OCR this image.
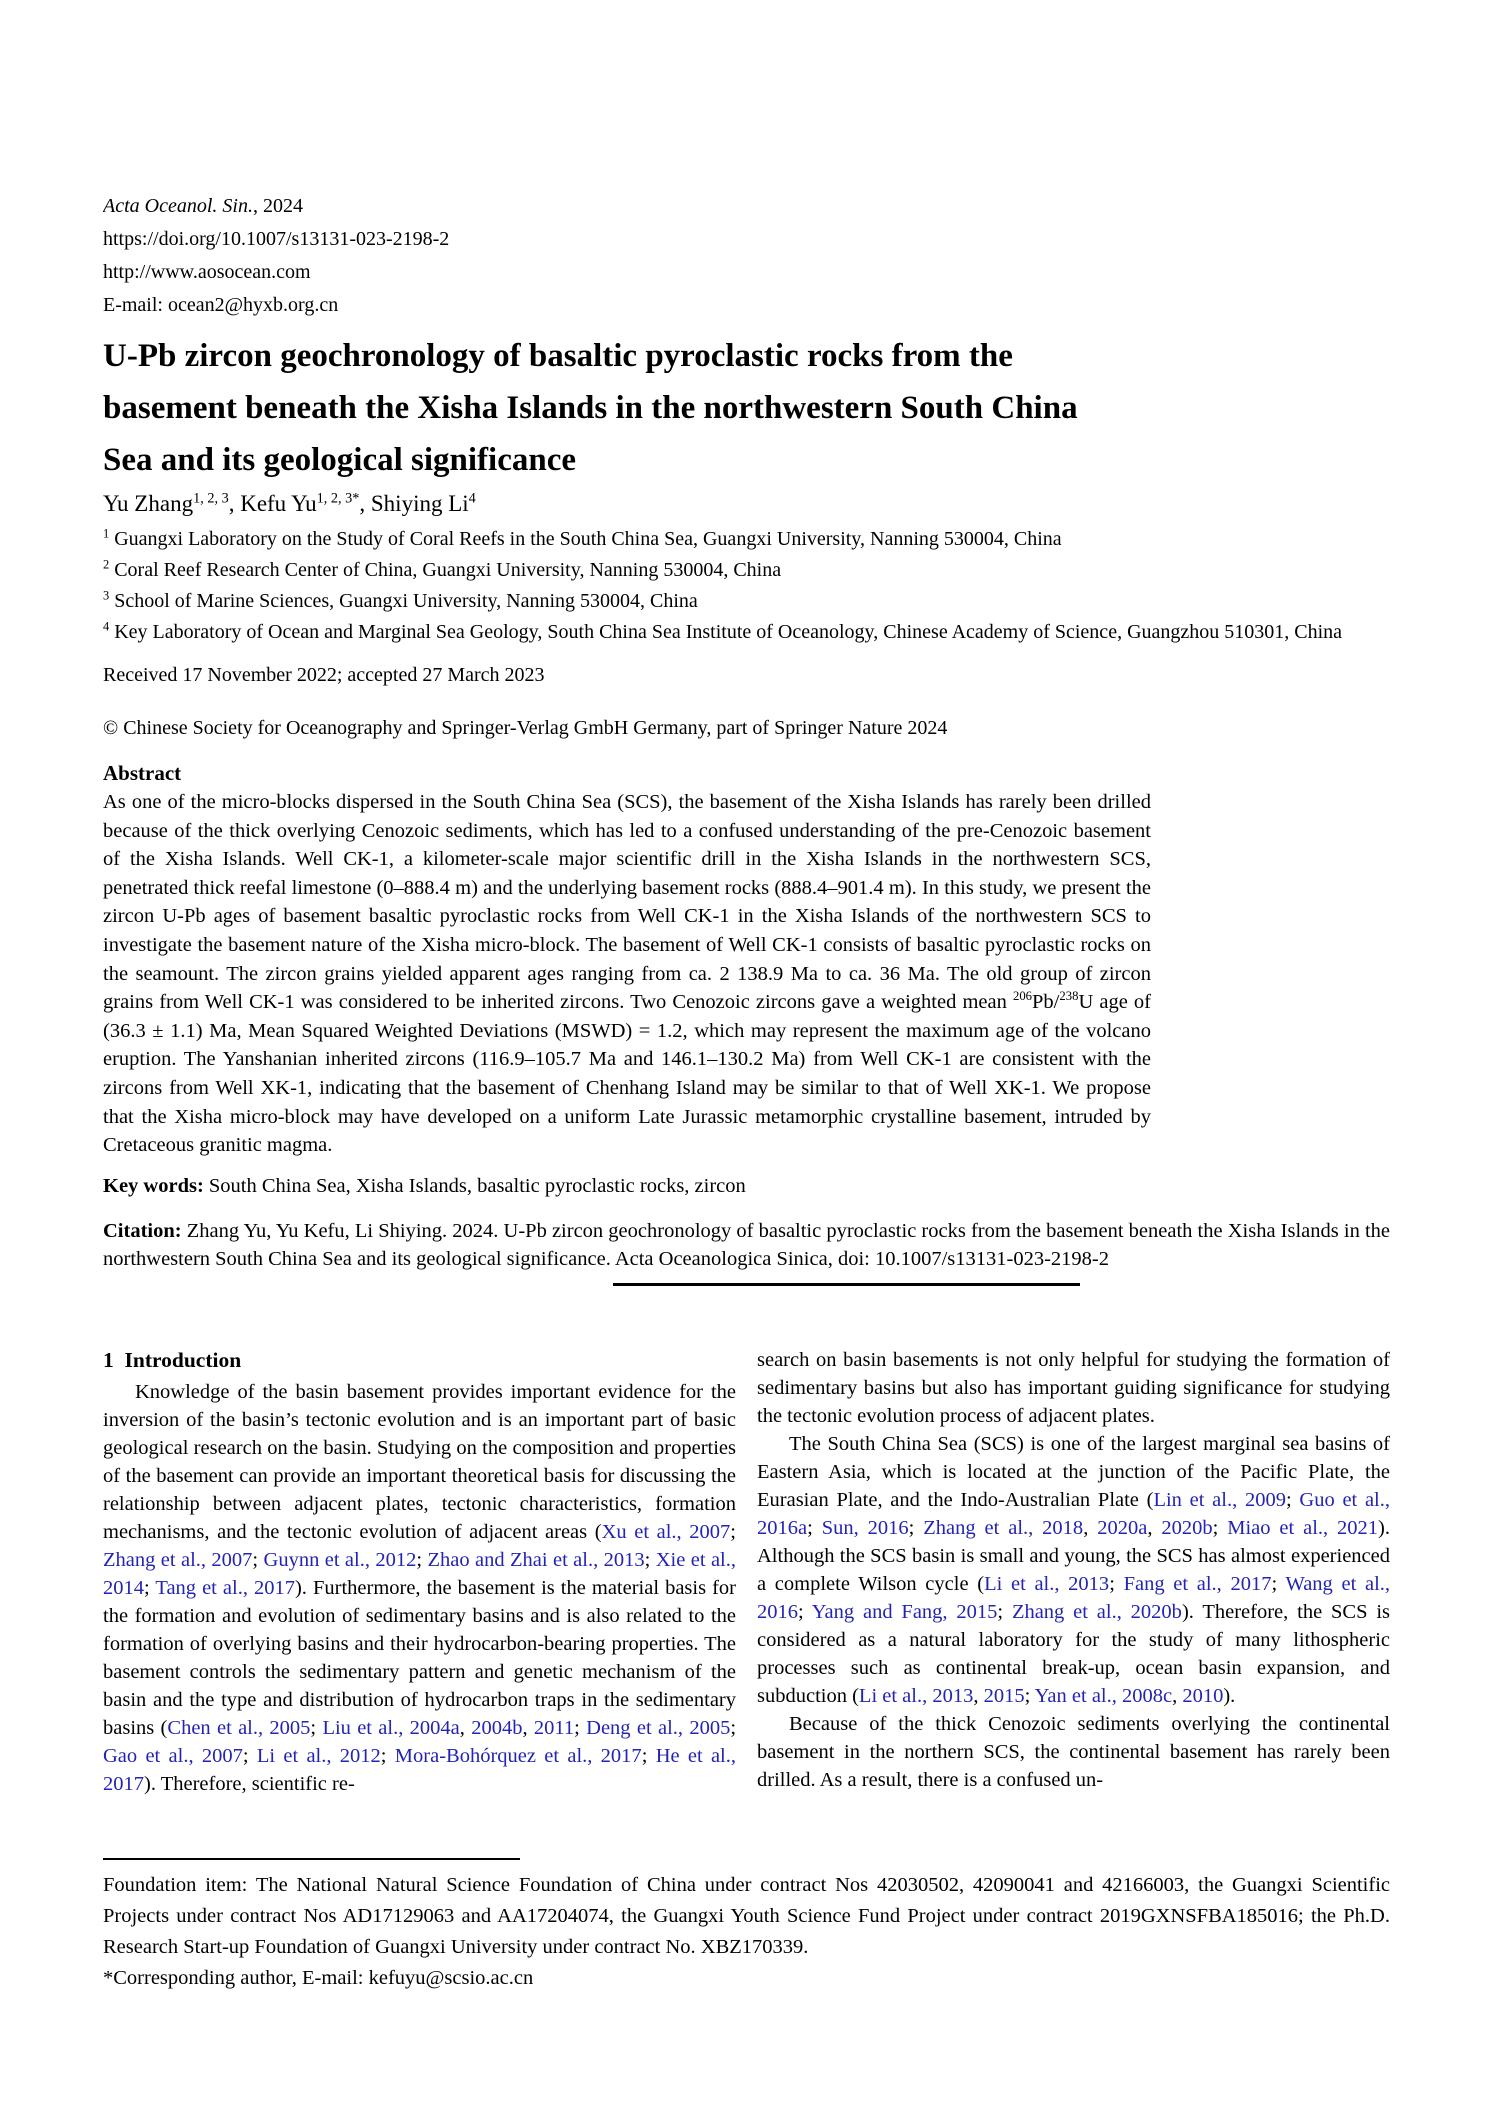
Acta Oceanol. Sin., 2024
https://doi.org/10.1007/s13131-023-2198-2
http://www.aosocean.com
E-mail: ocean2@hyxb.org.cn
U-Pb zircon geochronology of basaltic pyroclastic rocks from the basement beneath the Xisha Islands in the northwestern South China Sea and its geological significance
Yu Zhang$^{1, 2, 3}$, Kefu $Yu^{1, 2, 3*}$, Shiying Li$^4$
$^1$ Guangxi Laboratory on the Study of Coral Reefs in the South China Sea, Guangxi University, Nanning 530004, China
$^2$ Coral Reef Research Center of China, Guangxi University, Nanning 530004, China
$^3$ School of Marine Sciences, Guangxi University, Nanning 530004, China
$^4$ Key Laboratory of Ocean and Marginal Sea Geology, South China Sea Institute of Oceanology, Chinese Academy of Science, Guangzhou 510301, China
Received 17 November 2022; accepted 27 March 2023
© Chinese Society for Oceanography and Springer-Verlag GmbH Germany, part of Springer Nature 2024
Abstract
As one of the micro-blocks dispersed in the South China Sea (SCS), the basement of the Xisha Islands has rarely been drilled because of the thick overlying Cenozoic sediments, which has led to a confused understanding of the pre-Cenozoic basement of the Xisha Islands. Well CK-1, a kilometer-scale major scientific drill in the Xisha Islands in the northwestern SCS, penetrated thick reefal limestone (0–888.4 m) and the underlying basement rocks (888.4–901.4 m). In this study, we present the zircon U-Pb ages of basement basaltic pyroclastic rocks from Well CK-1 in the Xisha Islands of the northwestern SCS to investigate the basement nature of the Xisha micro-block. The basement of Well CK-1 consists of basaltic pyroclastic rocks on the seamount. The zircon grains yielded apparent ages ranging from ca. 2 138.9 Ma to ca. 36 Ma. The old group of zircon grains from Well CK-1 was considered to be inherited zircons. Two Cenozoic zircons gave a weighted mean $^{206}$Pb/$^{238}$U age of (36.3 ± 1.1) Ma, Mean Squared Weighted Deviations (MSWD) = 1.2, which may represent the maximum age of the volcano eruption. The Yanshanian inherited zircons (116.9–105.7 Ma and 146.1–130.2 Ma) from Well CK-1 are consistent with the zircons from Well XK-1, indicating that the basement of Chenhang Island may be similar to that of Well XK-1. We propose that the Xisha micro-block may have developed on a uniform Late Jurassic metamorphic crystalline basement, intruded by Cretaceous granitic magma.
Key words: South China Sea, Xisha Islands, basaltic pyroclastic rocks, zircon
Citation: Zhang Yu, Yu Kefu, Li Shiying. 2024. U-Pb zircon geochronology of basaltic pyroclastic rocks from the basement beneath the Xisha Islands in the northwestern South China Sea and its geological significance. Acta Oceanologica Sinica, doi: 10.1007/s13131-023-2198-2
1 Introduction
Knowledge of the basin basement provides important evidence for the inversion of the basin’s tectonic evolution and is an important part of basic geological research on the basin. Studying on the composition and properties of the basement can provide an important theoretical basis for discussing the relationship between adjacent plates, tectonic characteristics, formation mechanisms, and the tectonic evolution of adjacent areas (Xu et al., 2007; Zhang et al., 2007; Guynn et al., 2012; Zhao and Zhai et al., 2013; Xie et al., 2014; Tang et al., 2017). Furthermore, the basement is the material basis for the formation and evolution of sedimentary basins and is also related to the formation of overlying basins and their hydrocarbon-bearing properties. The basement controls the sedimentary pattern and genetic mechanism of the basin and the type and distribution of hydrocarbon traps in the sedimentary basins (Chen et al., 2005; Liu et al., 2004a, 2004b, 2011; Deng et al., 2005; Gao et al., 2007; Li et al., 2012; Mora-Bohórquez et al., 2017; He et al., 2017). Therefore, scientific re-
search on basin basements is not only helpful for studying the formation of sedimentary basins but also has important guiding significance for studying the tectonic evolution process of adjacent plates.
The South China Sea (SCS) is one of the largest marginal sea basins of Eastern Asia, which is located at the junction of the Pacific Plate, the Eurasian Plate, and the Indo-Australian Plate (Lin et al., 2009; Guo et al., 2016a; Sun, 2016; Zhang et al., 2018, 2020a, 2020b; Miao et al., 2021). Although the SCS basin is small and young, the SCS has almost experienced a complete Wilson cycle (Li et al., 2013; Fang et al., 2017; Wang et al., 2016; Yang and Fang, 2015; Zhang et al., 2020b). Therefore, the SCS is considered as a natural laboratory for the study of many lithospheric processes such as continental break-up, ocean basin expansion, and subduction (Li et al., 2013, 2015; Yan et al., 2008c, 2010).
Because of the thick Cenozoic sediments overlying the continental basement in the northern SCS, the continental basement has rarely been drilled. As a result, there is a confused un-
Foundation item: The National Natural Science Foundation of China under contract Nos 42030502, 42090041 and 42166003, the Guangxi Scientific Projects under contract Nos AD17129063 and AA17204074, the Guangxi Youth Science Fund Project under contract 2019GXNSFBA185016; the Ph.D. Research Start-up Foundation of Guangxi University under contract No. XBZ170339.
*Corresponding author, E-mail: kefuyu@scsio.ac.cn
